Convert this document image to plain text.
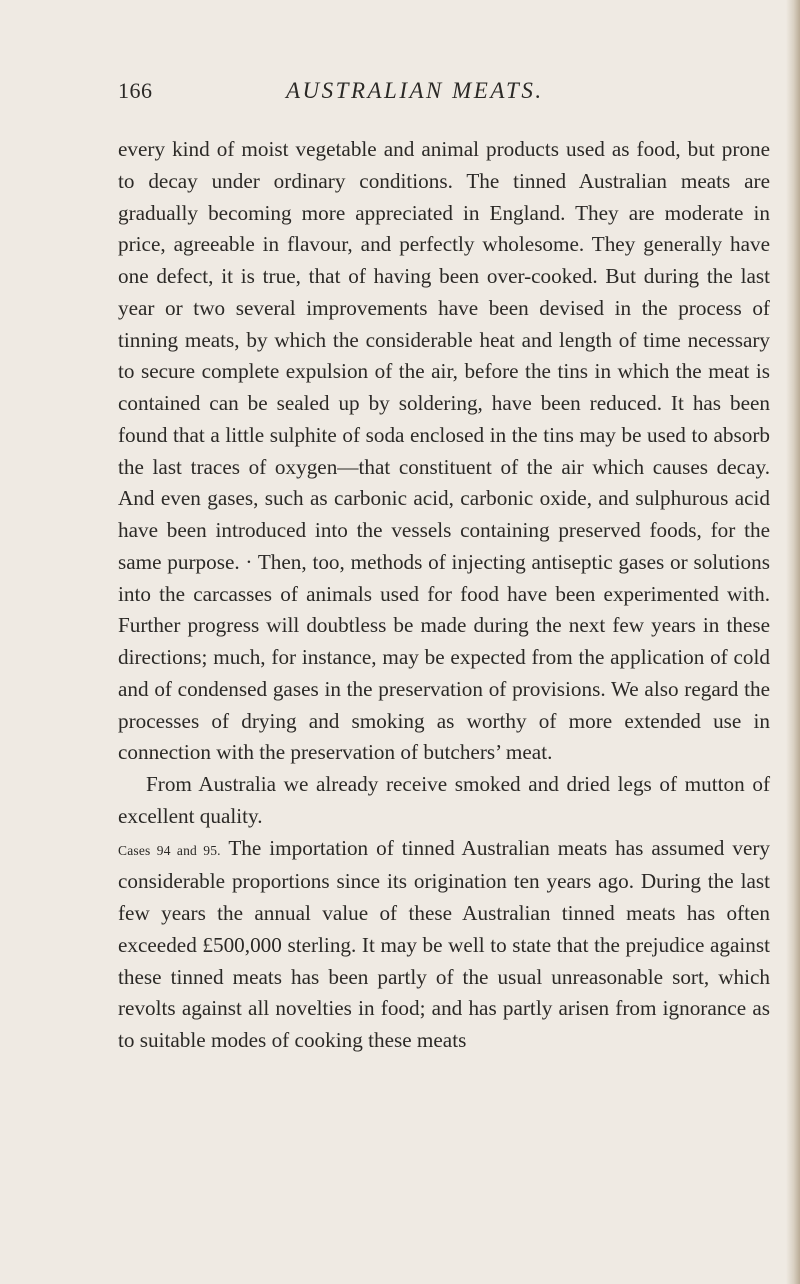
166	AUSTRALIAN MEATS.

every kind of moist vegetable and animal products used as food, but prone to decay under ordinary conditions. The tinned Australian meats are gradually becoming more appreciated in England. They are moderate in price, agreeable in flavour, and perfectly wholesome. They generally have one defect, it is true, that of having been over-cooked. But during the last year or two several improvements have been devised in the process of tinning meats, by which the considerable heat and length of time necessary to secure complete expulsion of the air, before the tins in which the meat is contained can be sealed up by soldering, have been reduced. It has been found that a little sulphite of soda enclosed in the tins may be used to absorb the last traces of oxygen—that constituent of the air which causes decay. And even gases, such as carbonic acid, carbonic oxide, and sulphurous acid have been introduced into the vessels containing preserved foods, for the same purpose. · Then, too, methods of injecting antiseptic gases or solutions into the carcasses of animals used for food have been experimented with. Further progress will doubtless be made during the next few years in these directions; much, for instance, may be expected from the application of cold and of condensed gases in the preservation of provisions. We also regard the processes of drying and smoking as worthy of more extended use in connection with the preservation of butchers’ meat.

From Australia we already receive smoked and dried legs of mutton of excellent quality.

Cases 94 and 95. The importation of tinned Australian meats has assumed very considerable proportions since its origination ten years ago. During the last few years the annual value of these Australian tinned meats has often exceeded £500,000 sterling. It may be well to state that the prejudice against these tinned meats has been partly of the usual unreasonable sort, which revolts against all novelties in food; and has partly arisen from ignorance as to suitable modes of cooking these meats
